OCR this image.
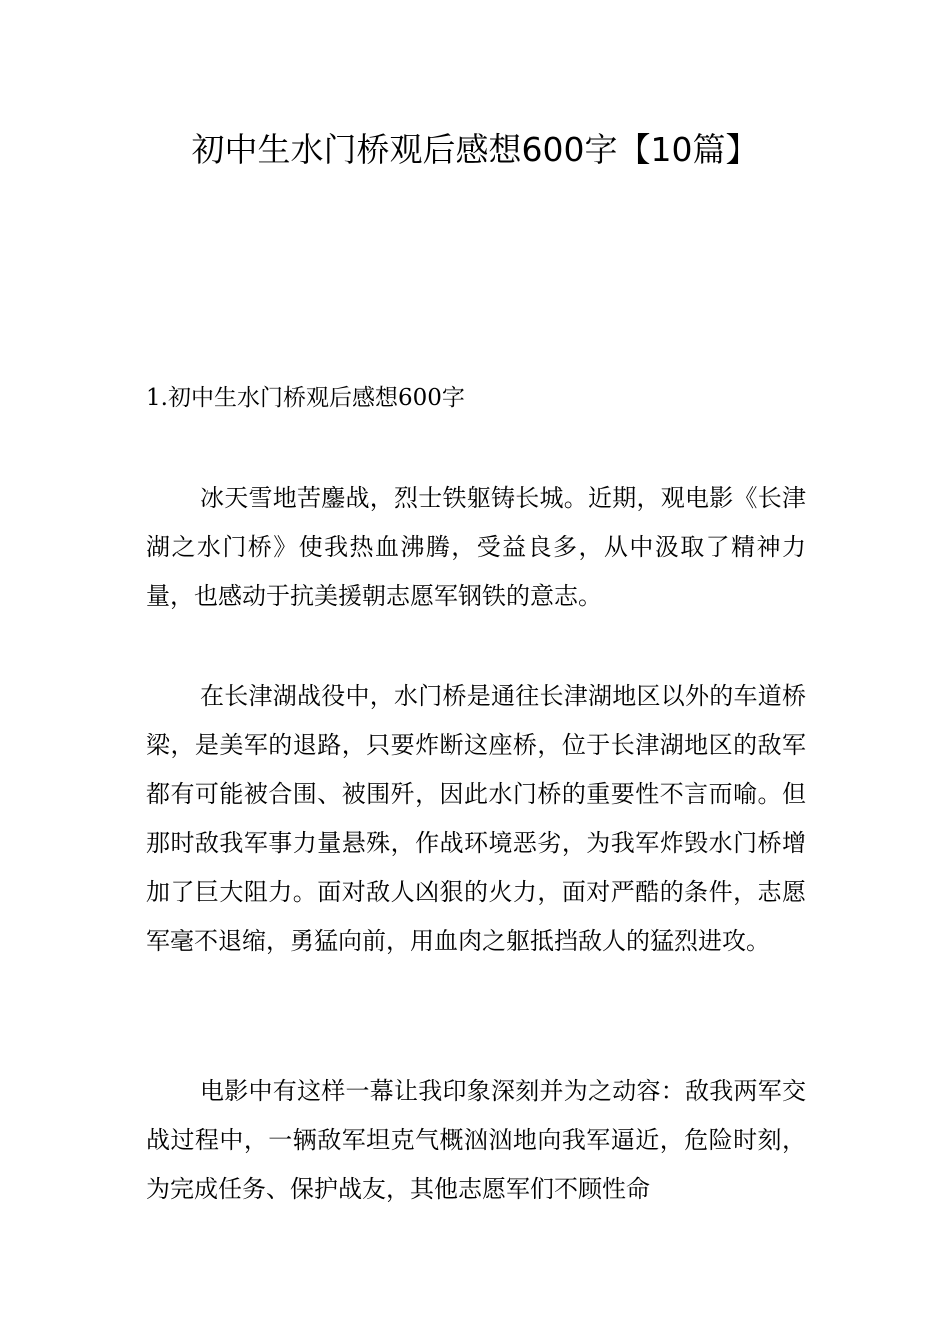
初中生水门桥观后感想600字【10篇】
1.初中生水门桥观后感想600字

冰天雪地苦鏖战，烈士铁躯铸长城。近期，观电影《长津湖之水门桥》使我热血沸腾，受益良多，从中汲取了精神力量，也感动于抗美援朝志愿军钢铁的意志。

在长津湖战役中，水门桥是通往长津湖地区以外的车道桥梁，是美军的退路，只要炸断这座桥，位于长津湖地区的敌军都有可能被合围、被围歼，因此水门桥的重要性不言而喻。但那时敌我军事力量悬殊，作战环境恶劣，为我军炸毁水门桥增加了巨大阻力。面对敌人凶狠的火力，面对严酷的条件，志愿军毫不退缩，勇猛向前，用血肉之躯抵挡敌人的猛烈进攻。

电影中有这样一幕让我印象深刻并为之动容：敌我两军交战过程中，一辆敌军坦克气概汹汹地向我军逼近，危险时刻，为完成任务、保护战友，其他志愿军们不顾性命
